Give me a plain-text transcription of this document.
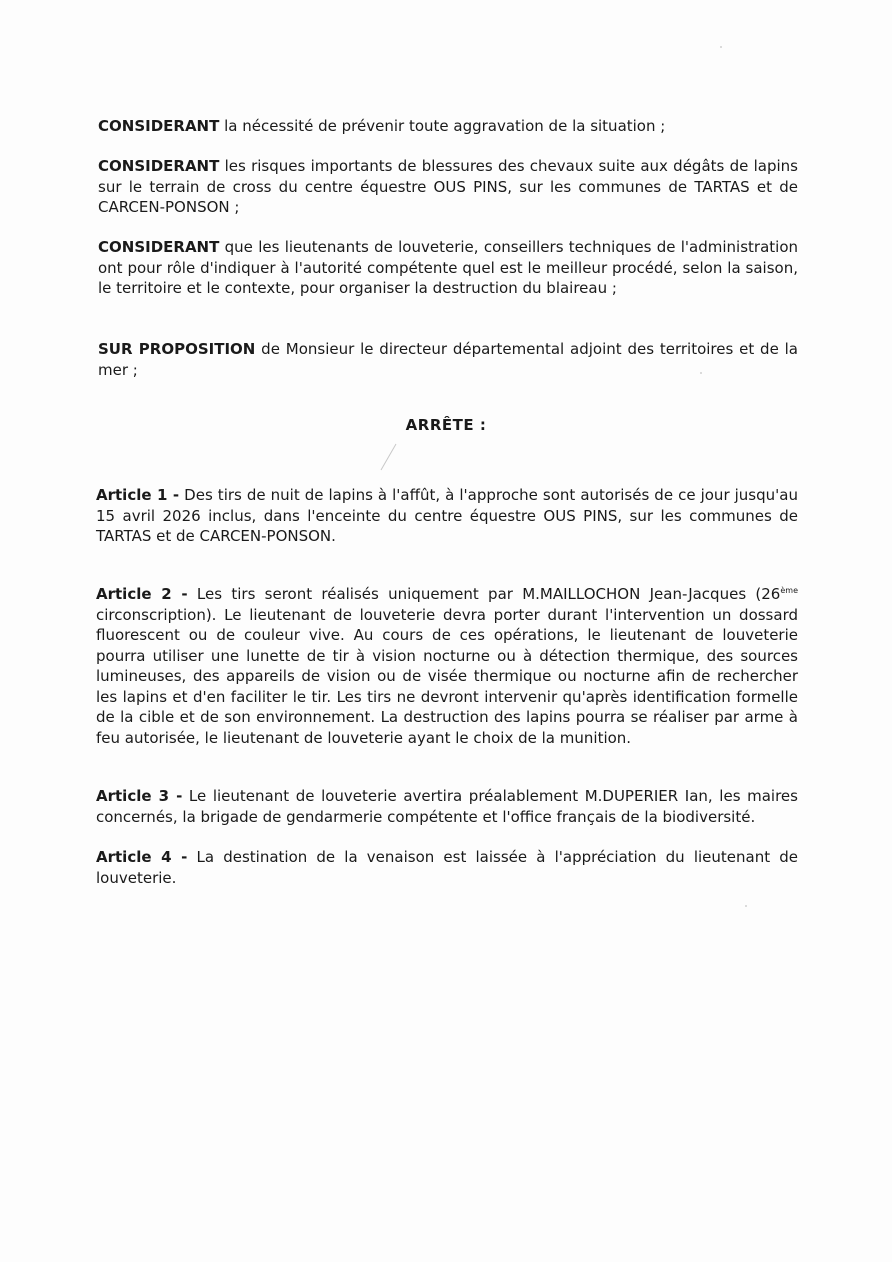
CONSIDERANT la nécessité de prévenir toute aggravation de la situation ;

CONSIDERANT les risques importants de blessures des chevaux suite aux dégâts de lapins sur le terrain de cross du centre équestre OUS PINS, sur les communes de TARTAS et de CARCEN-PONSON ;

CONSIDERANT que les lieutenants de louveterie, conseillers techniques de l'administration ont pour rôle d'indiquer à l'autorité compétente quel est le meilleur procédé, selon la saison, le territoire et le contexte, pour organiser la destruction du blaireau ;

SUR PROPOSITION de Monsieur le directeur départemental adjoint des territoires et de la mer ;

ARRÊTE :

Article 1 - Des tirs de nuit de lapins à l'affût, à l'approche sont autorisés de ce jour jusqu'au 15 avril 2026 inclus, dans l'enceinte du centre équestre OUS PINS, sur les communes de TARTAS et de CARCEN-PONSON.

Article 2 - Les tirs seront réalisés uniquement par M.MAILLOCHON Jean-Jacques (26ème circonscription). Le lieutenant de louveterie devra porter durant l'intervention un dossard fluorescent ou de couleur vive. Au cours de ces opérations, le lieutenant de louveterie pourra utiliser une lunette de tir à vision nocturne ou à détection thermique, des sources lumineuses, des appareils de vision ou de visée thermique ou nocturne afin de rechercher les lapins et d'en faciliter le tir. Les tirs ne devront intervenir qu'après identification formelle de la cible et de son environnement. La destruction des lapins pourra se réaliser par arme à feu autorisée, le lieutenant de louveterie ayant le choix de la munition.

Article 3 - Le lieutenant de louveterie avertira préalablement M.DUPERIER Ian, les maires concernés, la brigade de gendarmerie compétente et l'office français de la biodiversité.

Article 4 - La destination de la venaison est laissée à l'appréciation du lieutenant de louveterie.
